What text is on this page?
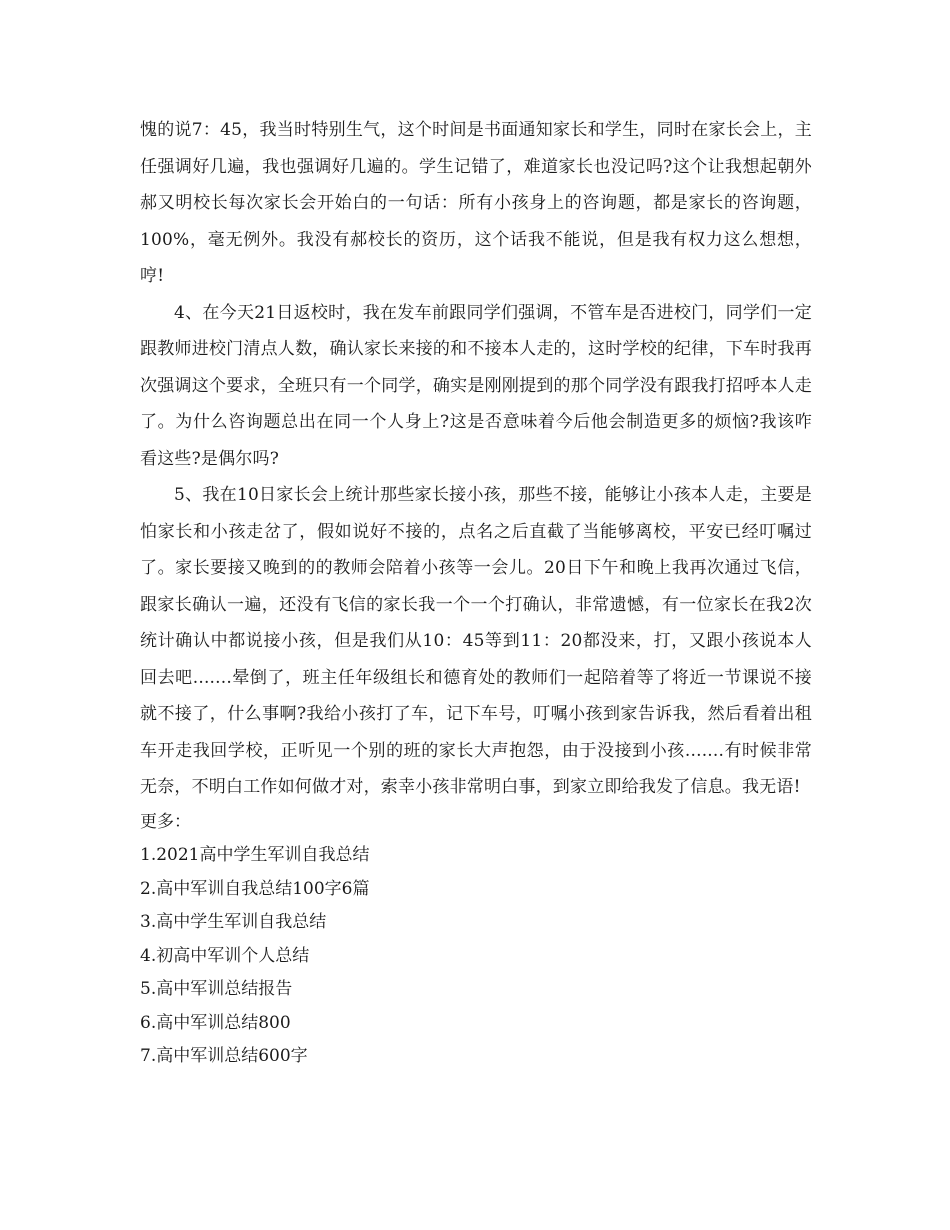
愧的说7：45，我当时特别生气，这个时间是书面通知家长和学生，同时在家长会上，主任强调好几遍，我也强调好几遍的。学生记错了，难道家长也没记吗?这个让我想起朝外郝又明校长每次家长会开始白的一句话：所有小孩身上的咨询题，都是家长的咨询题，100%，毫无例外。我没有郝校长的资历，这个话我不能说，但是我有权力这么想想，哼!

4、在今天21日返校时，我在发车前跟同学们强调，不管车是否进校门，同学们一定跟教师进校门清点人数，确认家长来接的和不接本人走的，这时学校的纪律，下车时我再次强调这个要求，全班只有一个同学，确实是刚刚提到的那个同学没有跟我打招呼本人走了。为什么咨询题总出在同一个人身上?这是否意味着今后他会制造更多的烦恼?我该咋看这些?是偶尔吗?

5、我在10日家长会上统计那些家长接小孩，那些不接，能够让小孩本人走，主要是怕家长和小孩走岔了，假如说好不接的，点名之后直截了当能够离校，平安已经叮嘱过了。家长要接又晚到的的教师会陪着小孩等一会儿。20日下午和晚上我再次通过飞信，跟家长确认一遍，还没有飞信的家长我一个一个打确认，非常遗憾，有一位家长在我2次统计确认中都说接小孩，但是我们从10：45等到11：20都没来，打，又跟小孩说本人回去吧.......晕倒了，班主任年级组长和德育处的教师们一起陪着等了将近一节课说不接就不接了，什么事啊?我给小孩打了车，记下车号，叮嘱小孩到家告诉我，然后看着出租车开走我回学校，正听见一个别的班的家长大声抱怨，由于没接到小孩.......有时候非常无奈，不明白工作如何做才对，索幸小孩非常明白事，到家立即给我发了信息。我无语!

更多：

1.2021高中学生军训自我总结
2.高中军训自我总结100字6篇
3.高中学生军训自我总结
4.初高中军训个人总结
5.高中军训总结报告
6.高中军训总结800
7.高中军训总结600字
